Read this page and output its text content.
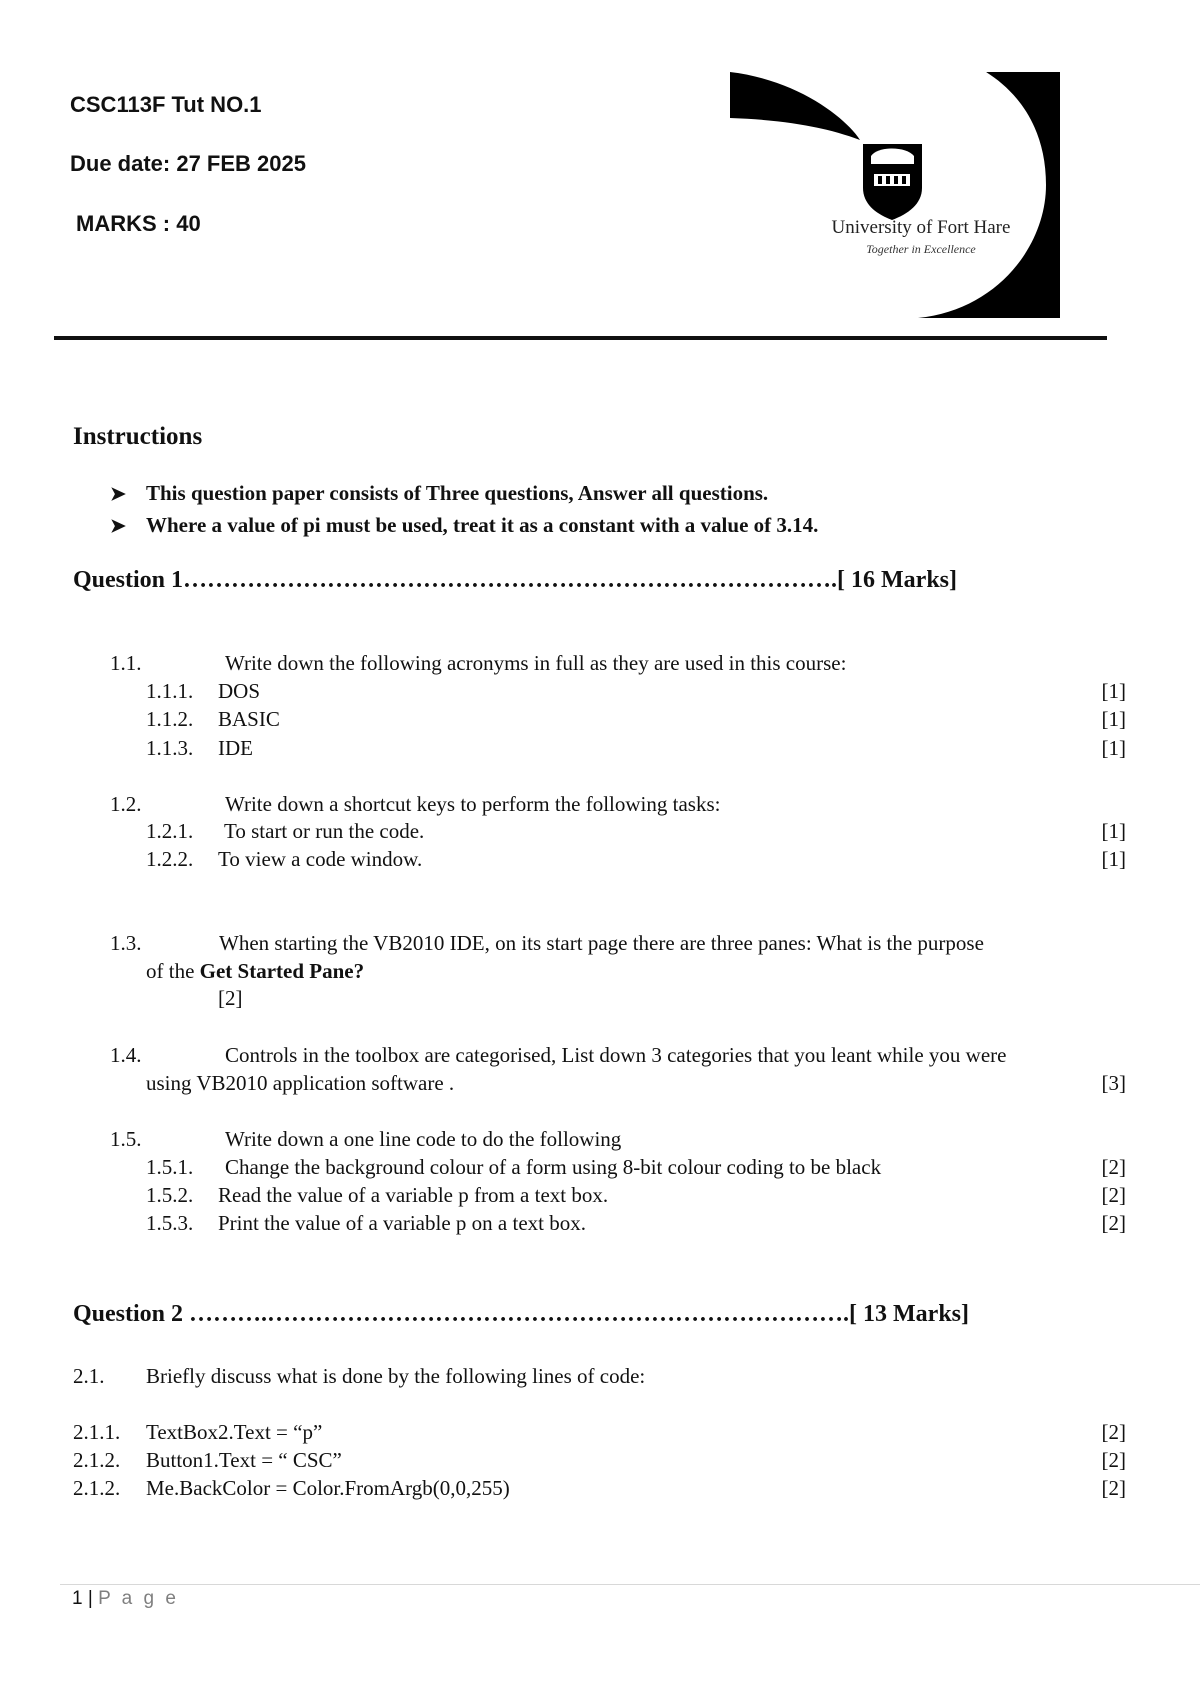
CSC113F Tut NO.1
Due date: 27 FEB 2025
MARKS : 40	University of Fort Hare
Together in Excellence
Instructions
➤ This question paper consists of Three questions, Answer all questions.
➤ Where a value of pi must be used, treat it as a constant with a value of 3.14.
Question 1……………………………………………………………………….[ 16 Marks]
1.1.	Write down the following acronyms in full as they are used in this course:
1.1.1. DOS	[1]
1.1.2. BASIC	[1]
1.1.3. IDE	[1]
1.2.	Write down a shortcut keys to perform the following tasks:
1.2.1. To start or run the code.	[1]
1.2.2. To view a code window.	[1]
1.3.	When starting the VB2010 IDE, on its start page there are three panes: What is the purpose
of the Get Started Pane?
[2]
1.4.	Controls in the toolbox are categorised, List down 3 categories that you leant while you were
using VB2010 application software .	[3]
1.5.	Write down a one line code to do the following
1.5.1. Change the background colour of a form using 8-bit colour coding to be black	[2]
1.5.2. Read the value of a variable p from a text box.	[2]
1.5.3. Print the value of a variable p on a text box.	[2]
Question 2 ……….……………………………………………………………….[ 13 Marks]
2.1. Briefly discuss what is done by the following lines of code:
2.1.1. TextBox2.Text = “p”	[2]
2.1.2. Button1.Text = “ CSC”	[2]
2.1.2. Me.BackColor = Color.FromArgb(0,0,255)	[2]
1 | P a g e
